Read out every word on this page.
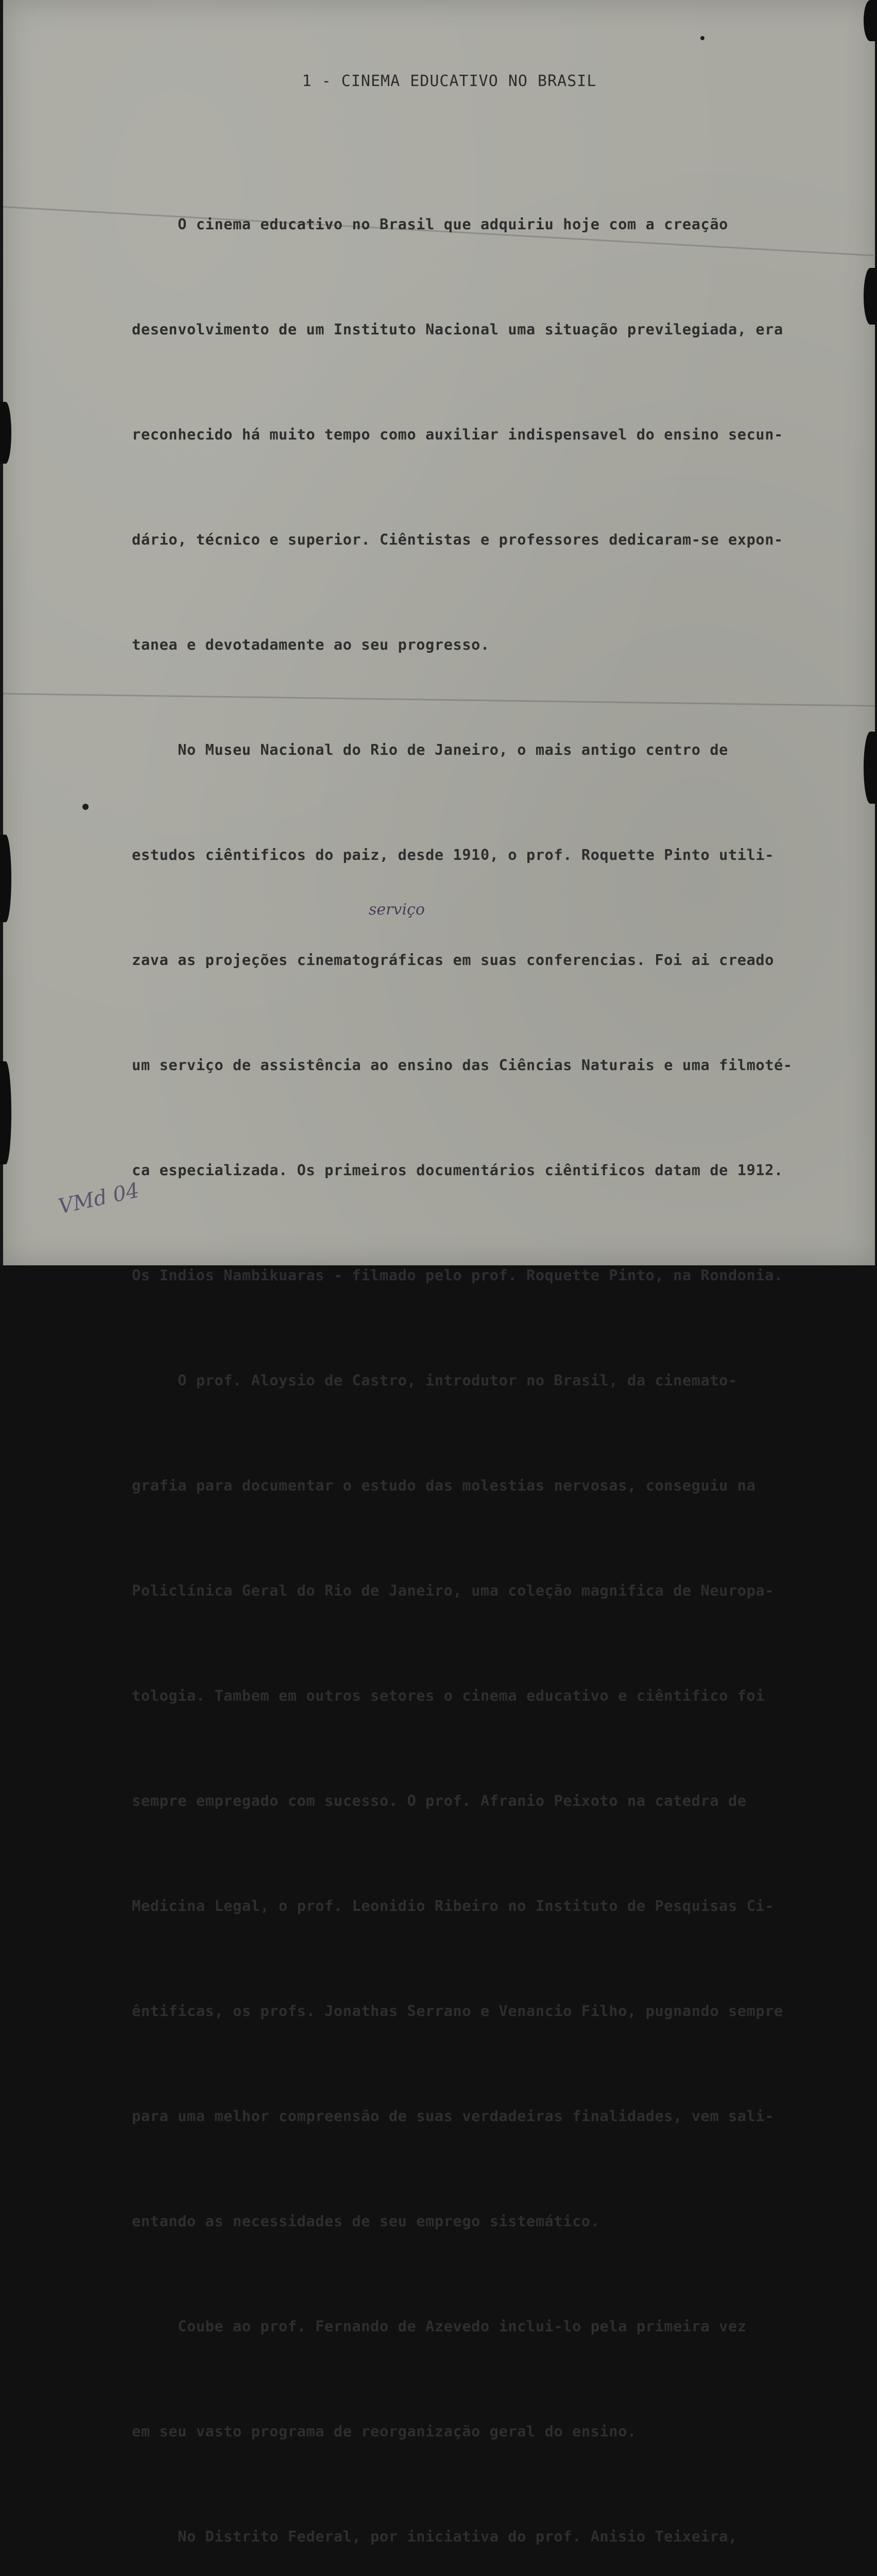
1 - CINEMA EDUCATIVO NO BRASIL

O cinema educativo no Brasil que adquiriu hoje com a creação

desenvolvimento de um Instituto Nacional uma situação previlegiada, era

reconhecido há muito tempo como auxiliar indispensavel do ensino secun-

dário, técnico e superior. Ciêntistas e professores dedicaram-se expon-

tanea e devotadamente ao seu progresso.

No Museu Nacional do Rio de Janeiro, o mais antigo centro de

estudos ciêntificos do paiz, desde 1910, o prof. Roquette Pinto utili-

zava as projeções cinematográficas em suas conferencias. Foi ai creado

um serviço de assistência ao ensino das Ciências Naturais e uma filmoté-

ca especializada. Os primeiros documentários ciêntificos datam de 1912.

Os Indios Nambikuaras - filmado pelo prof. Roquette Pinto, na Rondonia.

O prof. Aloysio de Castro, introdutor no Brasil, da cinemato-

grafia para documentar o estudo das molestias nervosas, conseguiu na

Policlínica Geral do Rio de Janeiro, uma coleção magnifica de Neuropa-

tologia. Tambem em outros setores o cinema educativo e ciêntifico foi

sempre empregado com sucesso. O prof. Afranio Peixoto na catedra de

Medicina Legal, o prof. Leonidio Ribeiro no Instituto de Pesquisas Ci-

êntificas, os profs. Jonathas Serrano e Venancio Filho, pugnando sempre

para uma melhor compreensão de suas verdadeiras finalidades, vem sali-

entando as necessidades de seu emprego sistemático.

Coube ao prof. Fernando de Azevedo inclui-lo pela primeira vez

em seu vasto programa de reorganização geral do ensino.

No Distrito Federal, por iniciativa do prof. Anisio Teixeira,

serviço
VMd 04
